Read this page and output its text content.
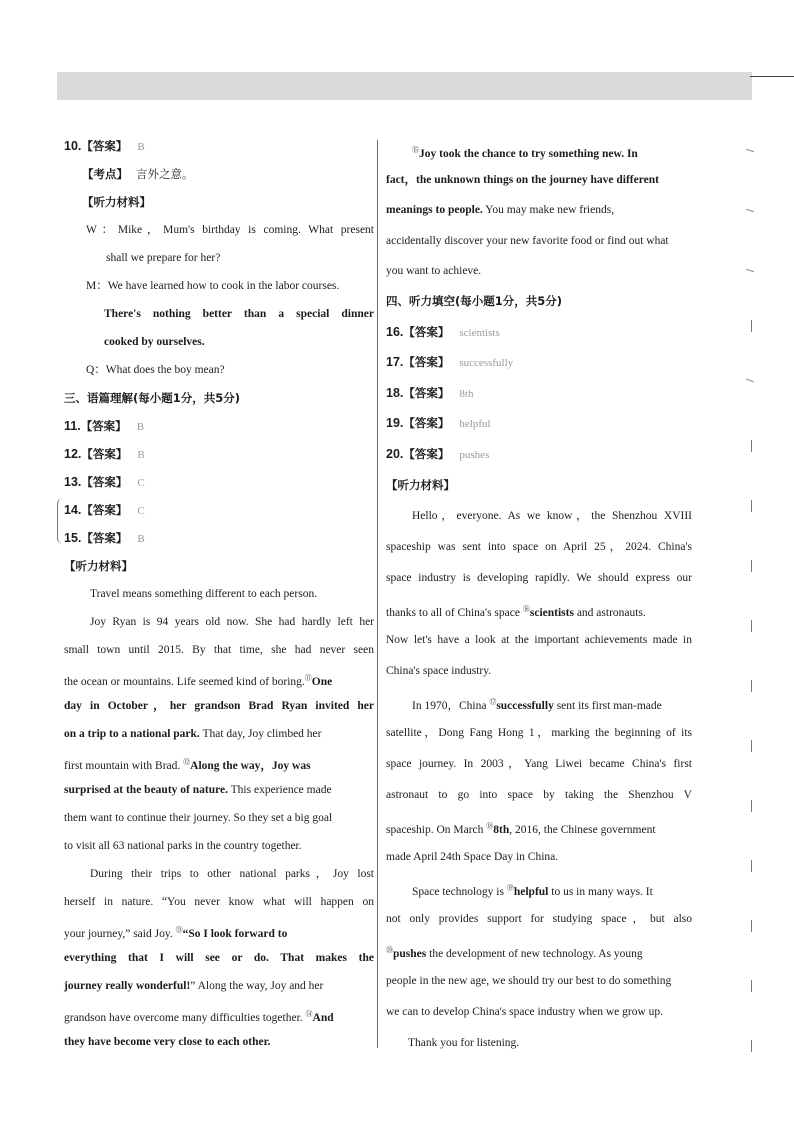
10.【答案】 B
【考点】 言外之意。
【听力材料】
W：Mike，Mum's birthday is coming. What present
shall we prepare for her?
M：We have learned how to cook in the labor courses.
There's nothing better than a special dinner
cooked by ourselves.
Q：What does the boy mean?
三、语篇理解(每小题1分，共5分)
11.【答案】 B
12.【答案】 B
13.【答案】 C
14.【答案】 C
15.【答案】 B
【听力材料】
Travel means something different to each person.
Joy Ryan is 94 years old now. She had hardly left her
small town until 2015. By that time, she had never seen
the ocean or mountains. Life seemed kind of boring.⑪One
day in October，her grandson Brad Ryan invited her
on a trip to a national park. That day, Joy climbed her
first mountain with Brad. ⑫Along the way，Joy was
surprised at the beauty of nature. This experience made
them want to continue their journey. So they set a big goal
to visit all 63 national parks in the country together.
During their trips to other national parks，Joy lost
herself in nature. “You never know what will happen on
your journey,” said Joy. ⑬“So I look forward to
everything that I will see or do. That makes the
journey really wonderful!” Along the way, Joy and her
grandson have overcome many difficulties together. ⑭And
they have become very close to each other.
⑮Joy took the chance to try something new. In
fact，the unknown things on the journey have different
meanings to people. You may make new friends,
accidentally discover your new favorite food or find out what
you want to achieve.
四、听力填空(每小题1分，共5分)
16.【答案】 scientists
17.【答案】 successfully
18.【答案】 8th
19.【答案】 helpful
20.【答案】 pushes
【听力材料】
Hello，everyone. As we know，the Shenzhou XVIII
spaceship was sent into space on April 25，2024. China's
space industry is developing rapidly. We should express our
thanks to all of China's space ⑯scientists and astronauts.
Now let's have a look at the important achievements made in
China's space industry.
In 1970，China ⑰successfully sent its first man-made
satellite，Dong Fang Hong 1，marking the beginning of its
space journey. In 2003，Yang Liwei became China's first
astronaut to go into space by taking the Shenzhou V
spaceship. On March ⑱8th, 2016, the Chinese government
made April 24th Space Day in China.
Space technology is ⑲helpful to us in many ways. It
not only provides support for studying space，but also
⑳pushes the development of new technology. As young
people in the new age, we should try our best to do something
we can to develop China's space industry when we grow up.
Thank you for listening.
